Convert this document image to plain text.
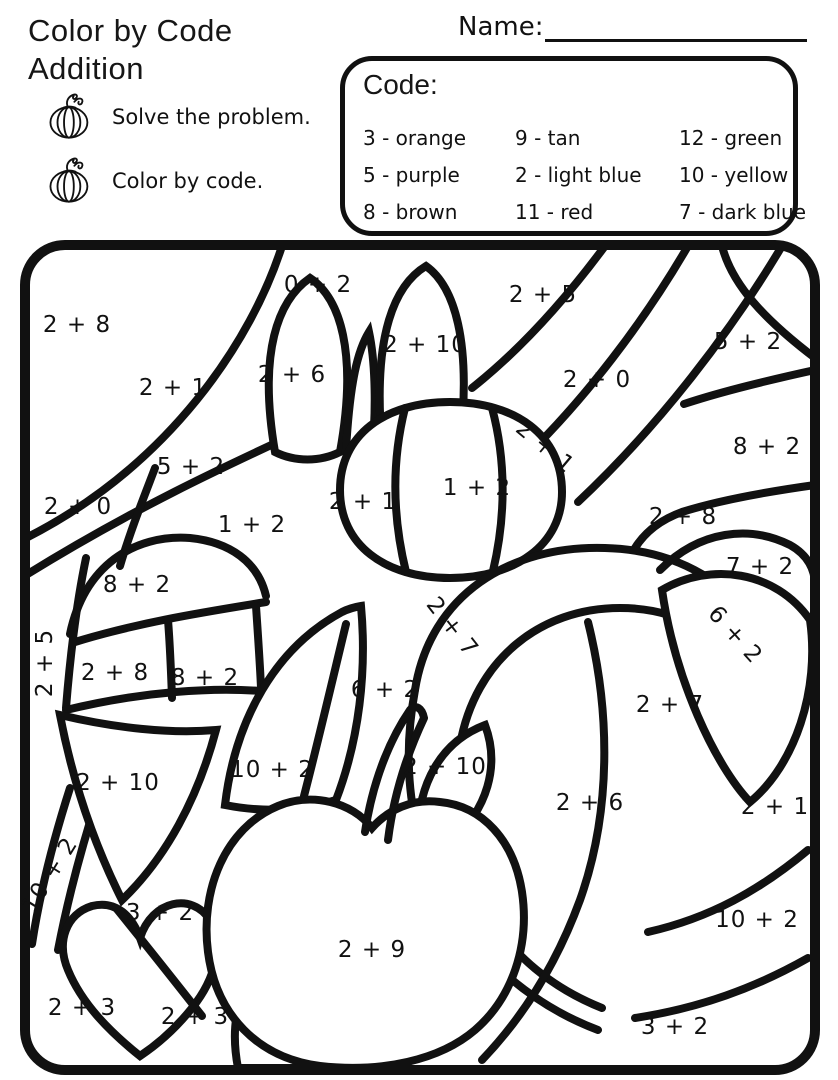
Color by Code
Addition
Name:
Solve the problem.
Color by code.
Code:
3 - orange	9 - tan	12 - green
5 - purple	2 - light blue	10 - yellow
8 - brown	11 - red	7 - dark blue
2 + 8
0 + 2	2 + 5
2 + 10
2 + 6
2 + 1	2 + 0
5 + 2
2 + 1	8 + 2
5 + 2
2 + 0
1 + 2
2 + 1
1 + 2
2 + 8
8 + 2
7 + 2
2 + 7	6 + 2
2 + 5 2 + 8 8 + 2	6 + 2
2 + 7
2 + 10	10 + 2	2 + 10
2 + 6	2 + 1
10 + 2 3 + 2
2 + 9
10 + 2
2 + 3 2 + 3	3 + 2
